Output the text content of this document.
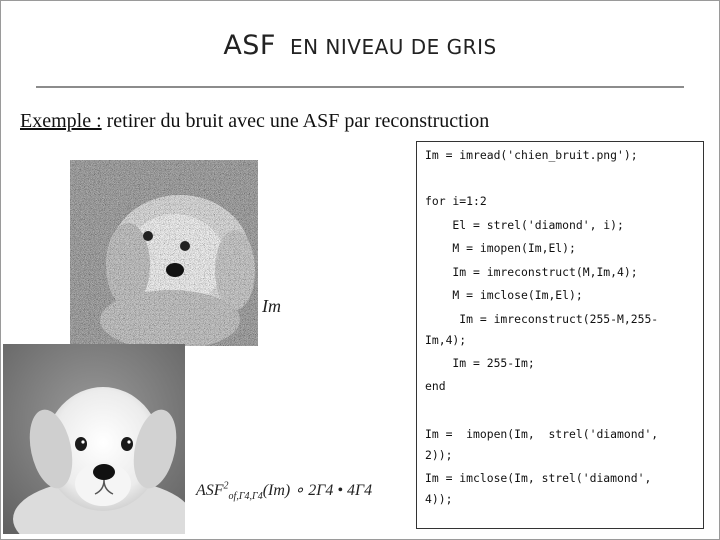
ASF EN NIVEAU DE GRIS
Exemple : retirer du bruit avec une ASF par reconstruction
Im
$ASF^2_{of,\Gamma 4,\Gamma 4}(Im)$ ∘ 2Γ4 • 4Γ4
Im = imread('chien_bruit.png');
for i=1:2
El = strel('diamond', i);
M = imopen(Im,El);
Im = imreconstruct(M,Im,4);
M = imclose(Im,El);
Im = imreconstruct(255-M,255-
Im,4);
Im = 255-Im;
end
Im =  imopen(Im,  strel('diamond',
2));
Im = imclose(Im, strel('diamond',
4));
